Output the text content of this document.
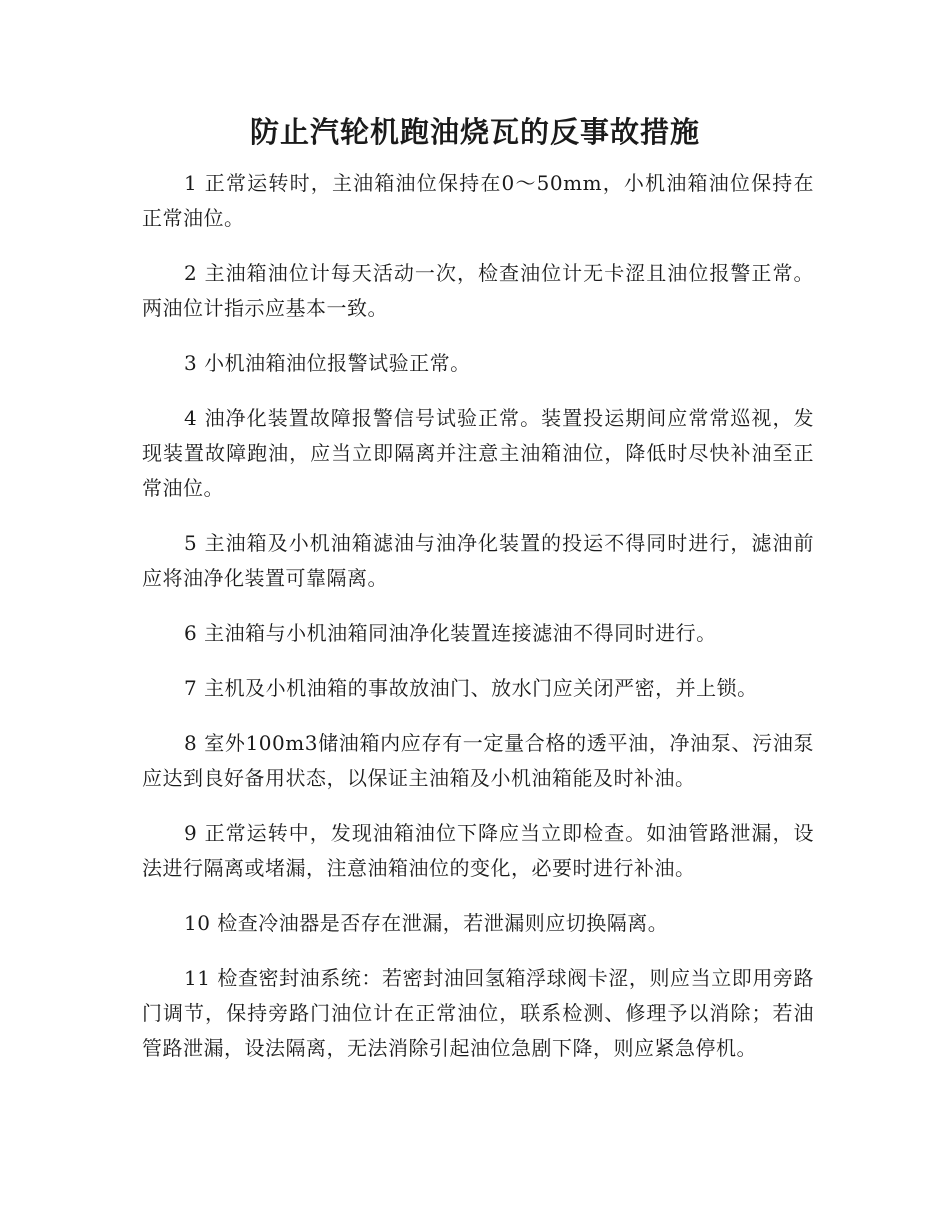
防止汽轮机跑油烧瓦的反事故措施

1 正常运转时，主油箱油位保持在0～50mm，小机油箱油位保持在正常油位。

2 主油箱油位计每天活动一次，检查油位计无卡涩且油位报警正常。两油位计指示应基本一致。

3 小机油箱油位报警试验正常。

4 油净化装置故障报警信号试验正常。装置投运期间应常常巡视，发现装置故障跑油，应当立即隔离并注意主油箱油位，降低时尽快补油至正常油位。

5 主油箱及小机油箱滤油与油净化装置的投运不得同时进行，滤油前应将油净化装置可靠隔离。

6 主油箱与小机油箱同油净化装置连接滤油不得同时进行。

7 主机及小机油箱的事故放油门、放水门应关闭严密，并上锁。

8 室外100m3储油箱内应存有一定量合格的透平油，净油泵、污油泵应达到良好备用状态，以保证主油箱及小机油箱能及时补油。

9 正常运转中，发现油箱油位下降应当立即检查。如油管路泄漏，设法进行隔离或堵漏，注意油箱油位的变化，必要时进行补油。

10 检查冷油器是否存在泄漏，若泄漏则应切换隔离。

11 检查密封油系统：若密封油回氢箱浮球阀卡涩，则应当立即用旁路门调节，保持旁路门油位计在正常油位，联系检测、修理予以消除；若油管路泄漏，设法隔离，无法消除引起油位急剧下降，则应紧急停机。
